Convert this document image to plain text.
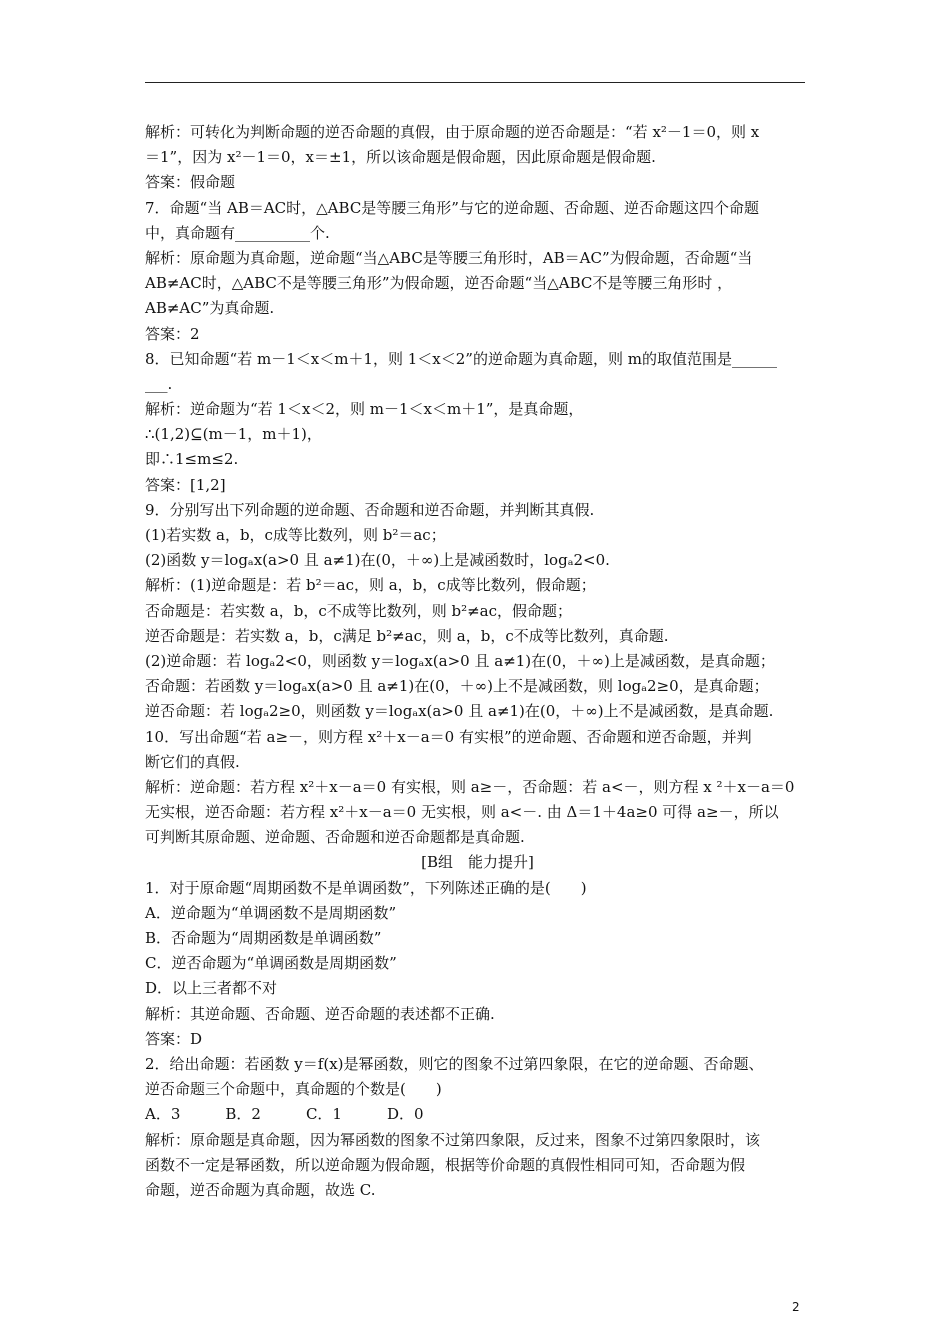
解析：可转化为判断命题的逆否命题的真假，由于原命题的逆否命题是：“若 x²－1＝0，则 x
＝1”，因为 x²－1＝0，x＝±1，所以该命题是假命题，因此原命题是假命题.
答案：假命题
7．命题“当 AB＝AC时，△ABC是等腰三角形”与它的逆命题、否命题、逆否命题这四个命题
中，真命题有__________个.
解析：原命题为真命题，逆命题“当△ABC是等腰三角形时，AB＝AC”为假命题，否命题“当
AB≠AC时，△ABC不是等腰三角形”为假命题，逆否命题“当△ABC不是等腰三角形时 ，
AB≠AC”为真命题.
答案：2
8．已知命题“若 m－1＜x＜m＋1，则 1＜x＜2”的逆命题为真命题，则 m的取值范围是______
___.
解析：逆命题为“若 1＜x＜2，则 m－1＜x＜m＋1”，是真命题，
∴(1,2)⊆(m－1，m＋1)，
即∴1≤m≤2.
答案：[1,2]
9．分别写出下列命题的逆命题、否命题和逆否命题，并判断其真假.
(1)若实数 a，b，c成等比数列，则 b²＝ac；
(2)函数 y＝logₐx(a>0 且 a≠1)在(0，＋∞)上是减函数时，logₐ2<0.
解析：(1)逆命题是：若 b²＝ac，则 a，b，c成等比数列，假命题；
否命题是：若实数 a，b，c不成等比数列，则 b²≠ac，假命题；
逆否命题是：若实数 a，b，c满足 b²≠ac，则 a，b，c不成等比数列，真命题.
(2)逆命题：若 logₐ2<0，则函数 y＝logₐx(a>0 且 a≠1)在(0，＋∞)上是减函数，是真命题；
否命题：若函数 y＝logₐx(a>0 且 a≠1)在(0，＋∞)上不是减函数，则 logₐ2≥0，是真命题；
逆否命题：若 logₐ2≥0，则函数 y＝logₐx(a>0 且 a≠1)在(0，＋∞)上不是减函数，是真命题.
10．写出命题“若 a≥－，则方程 x²＋x－a＝0 有实根”的逆命题、否命题和逆否命题，并判
断它们的真假.
解析：逆命题：若方程 x²＋x－a＝0 有实根，则 a≥－，否命题：若 a<－，则方程 x ²＋x－a＝0
无实根，逆否命题：若方程 x²＋x－a＝0 无实根，则 a<－. 由 Δ＝1＋4a≥0 可得 a≥－，所以
可判断其原命题、逆命题、否命题和逆否命题都是真命题.
[B组　能力提升]
1．对于原命题“周期函数不是单调函数”，下列陈述正确的是(　　)
A．逆命题为“单调函数不是周期函数”
B．否命题为“周期函数是单调函数”
C．逆否命题为“单调函数是周期函数”
D．以上三者都不对
解析：其逆命题、否命题、逆否命题的表述都不正确.
答案：D
2．给出命题：若函数 y＝f(x)是幂函数，则它的图象不过第四象限，在它的逆命题、否命题、
逆否命题三个命题中，真命题的个数是(　　)
A．3　　　B．2　　　C．1　　　D．0
解析：原命题是真命题，因为幂函数的图象不过第四象限，反过来，图象不过第四象限时，该
函数不一定是幂函数，所以逆命题为假命题，根据等价命题的真假性相同可知，否命题为假
命题，逆否命题为真命题，故选 C.
2
